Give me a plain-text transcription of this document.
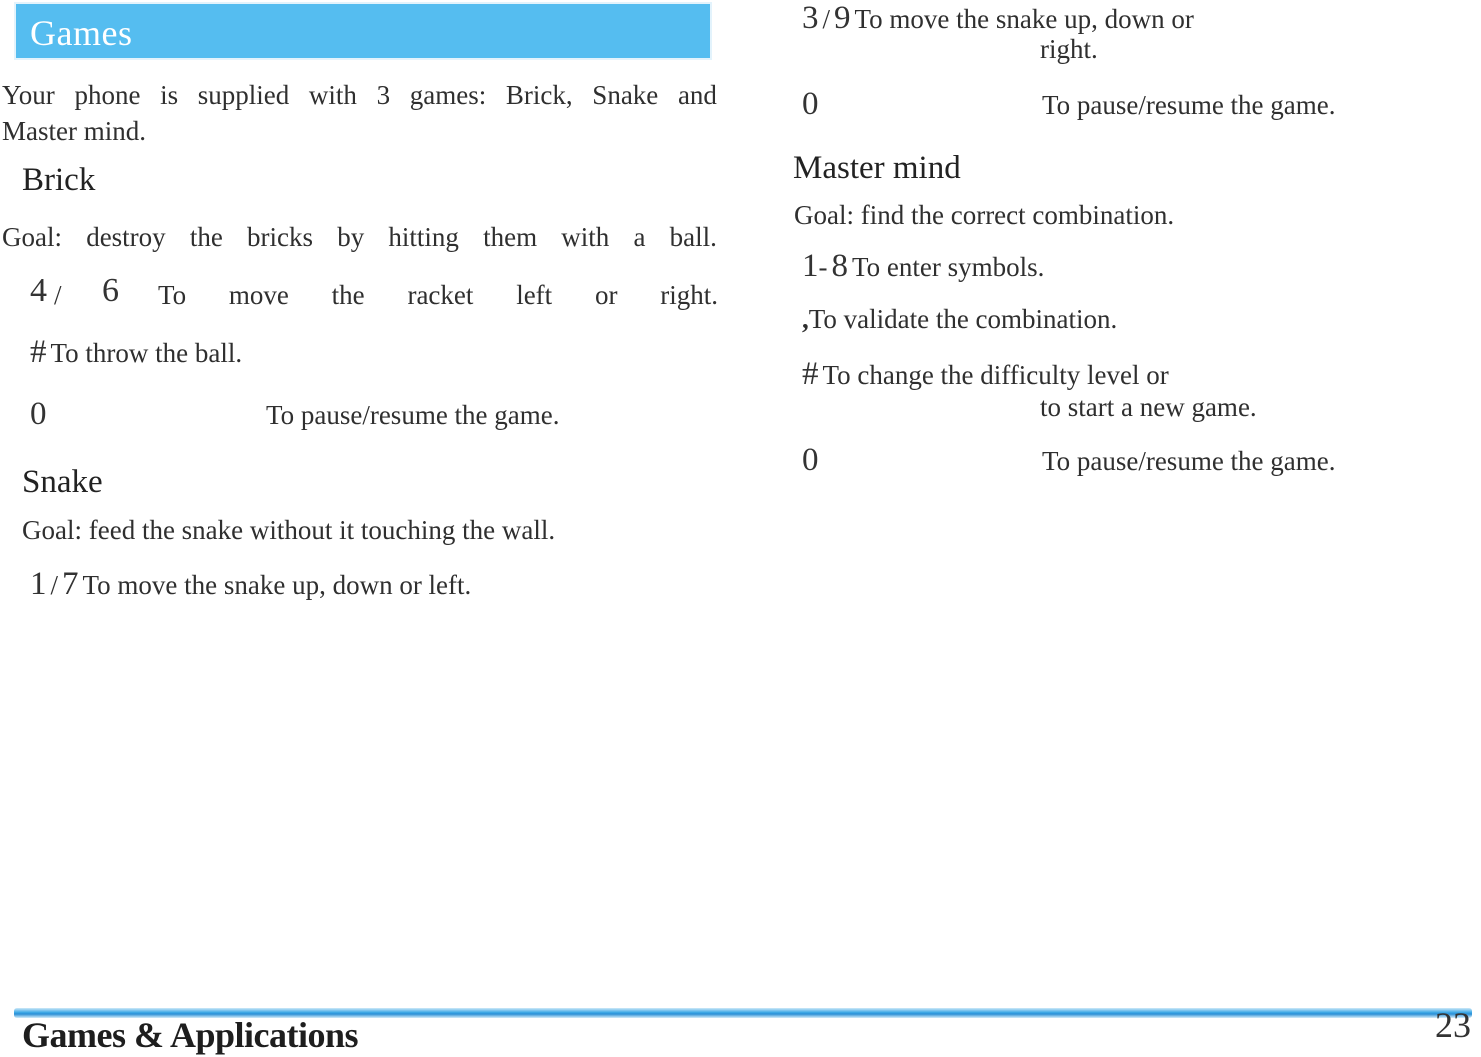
Games
Your phone is supplied with 3 games: Brick, Snake and
Master mind.
Brick
Goal: destroy the bricks by hitting them with a ball.
4 / 6 To move the racket left or right.
# To throw the ball.
0	To pause/resume the game.
Snake
Goal: feed the snake without it touching the wall.
1 / 7 To move the snake up, down or left.
3 / 9 To move the snake up, down or
right.
0	To pause/resume the game.
Master mind
Goal: find the correct combination.
1- 8 To enter symbols.
,To validate the combination.
# To change the difficulty level or
to start a new game.
0	To pause/resume the game.
Games & Applications	23
